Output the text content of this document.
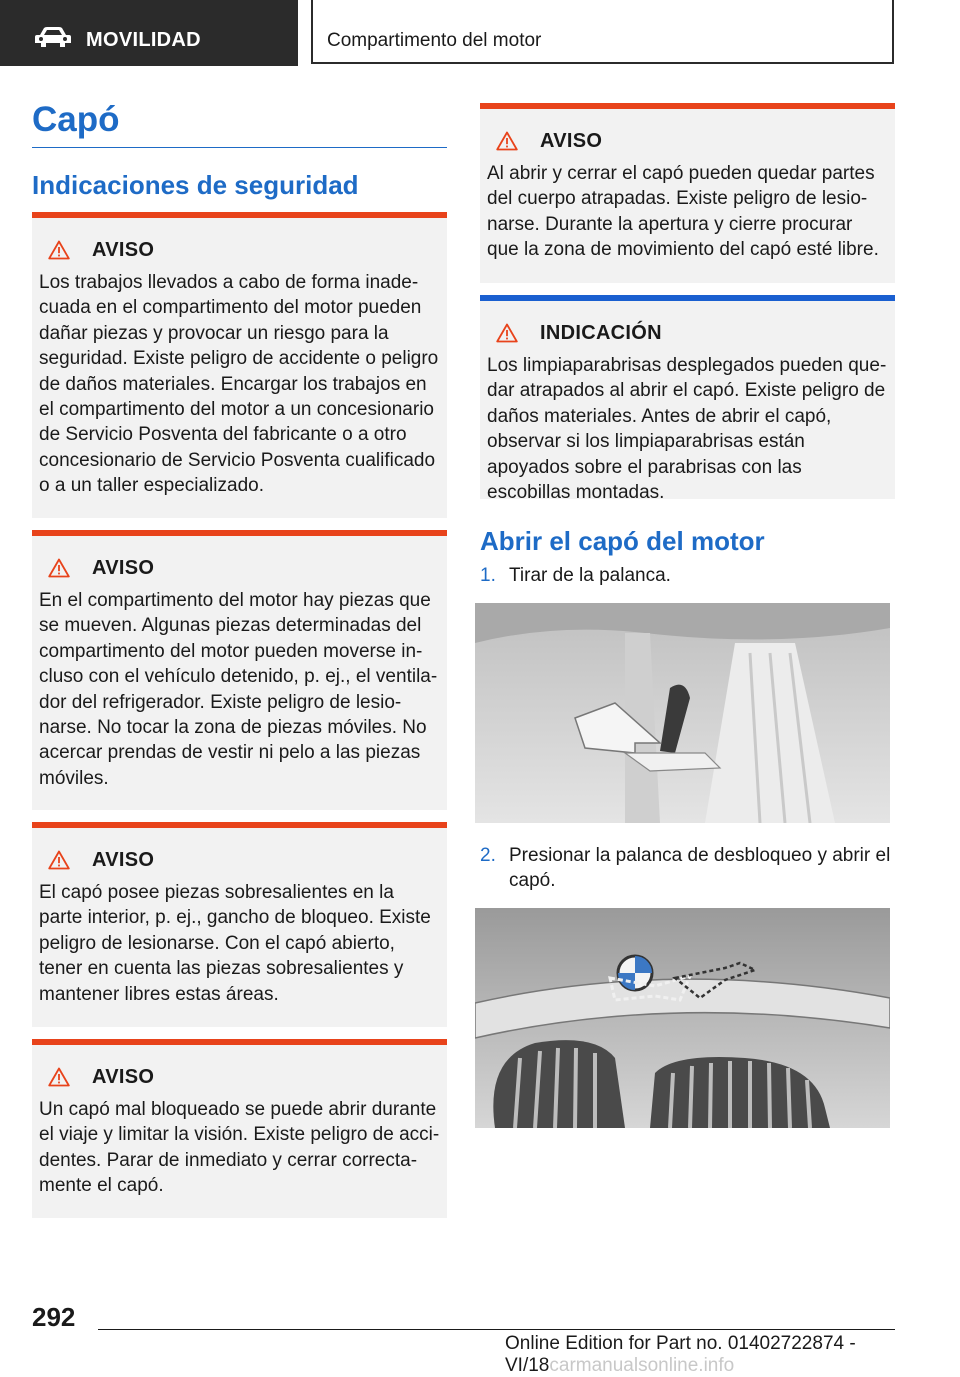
MOVILIDAD	Compartimento del motor
Capó
Indicaciones de seguridad
AVISO
Los trabajos llevados a cabo de forma inadecuada en el compartimento del motor pueden dañar piezas y provocar un riesgo para la seguridad. Existe peligro de accidente o peligro de daños materiales. Encargar los trabajos en el compartimento del motor a un concesionario de Servicio Posventa del fabricante o a otro concesionario de Servicio Posventa cualificado o a un taller especializado.
AVISO
En el compartimento del motor hay piezas que se mueven. Algunas piezas determinadas del compartimento del motor pueden moverse incluso con el vehículo detenido, p. ej., el ventilador del refrigerador. Existe peligro de lesionarse. No tocar la zona de piezas móviles. No acercar prendas de vestir ni pelo a las piezas móviles.
AVISO
El capó posee piezas sobresalientes en la parte interior, p. ej., gancho de bloqueo. Existe peligro de lesionarse. Con el capó abierto, tener en cuenta las piezas sobresalientes y mantener libres estas áreas.
AVISO
Un capó mal bloqueado se puede abrir durante el viaje y limitar la visión. Existe peligro de accidentes. Parar de inmediato y cerrar correctamente el capó.
AVISO
Al abrir y cerrar el capó pueden quedar partes del cuerpo atrapadas. Existe peligro de lesionarse. Durante la apertura y cierre procurar que la zona de movimiento del capó esté libre.
INDICACIÓN
Los limpiaparabrisas desplegados pueden quedar atrapados al abrir el capó. Existe peligro de daños materiales. Antes de abrir el capó, observar si los limpiaparabrisas están apoyados sobre el parabrisas con las escobillas montadas.
Abrir el capó del motor
1. Tirar de la palanca.
2. Presionar la palanca de desbloqueo y abrir el capó.
292
Online Edition for Part no. 01402722874 - VI/18carmanualsonline.info
